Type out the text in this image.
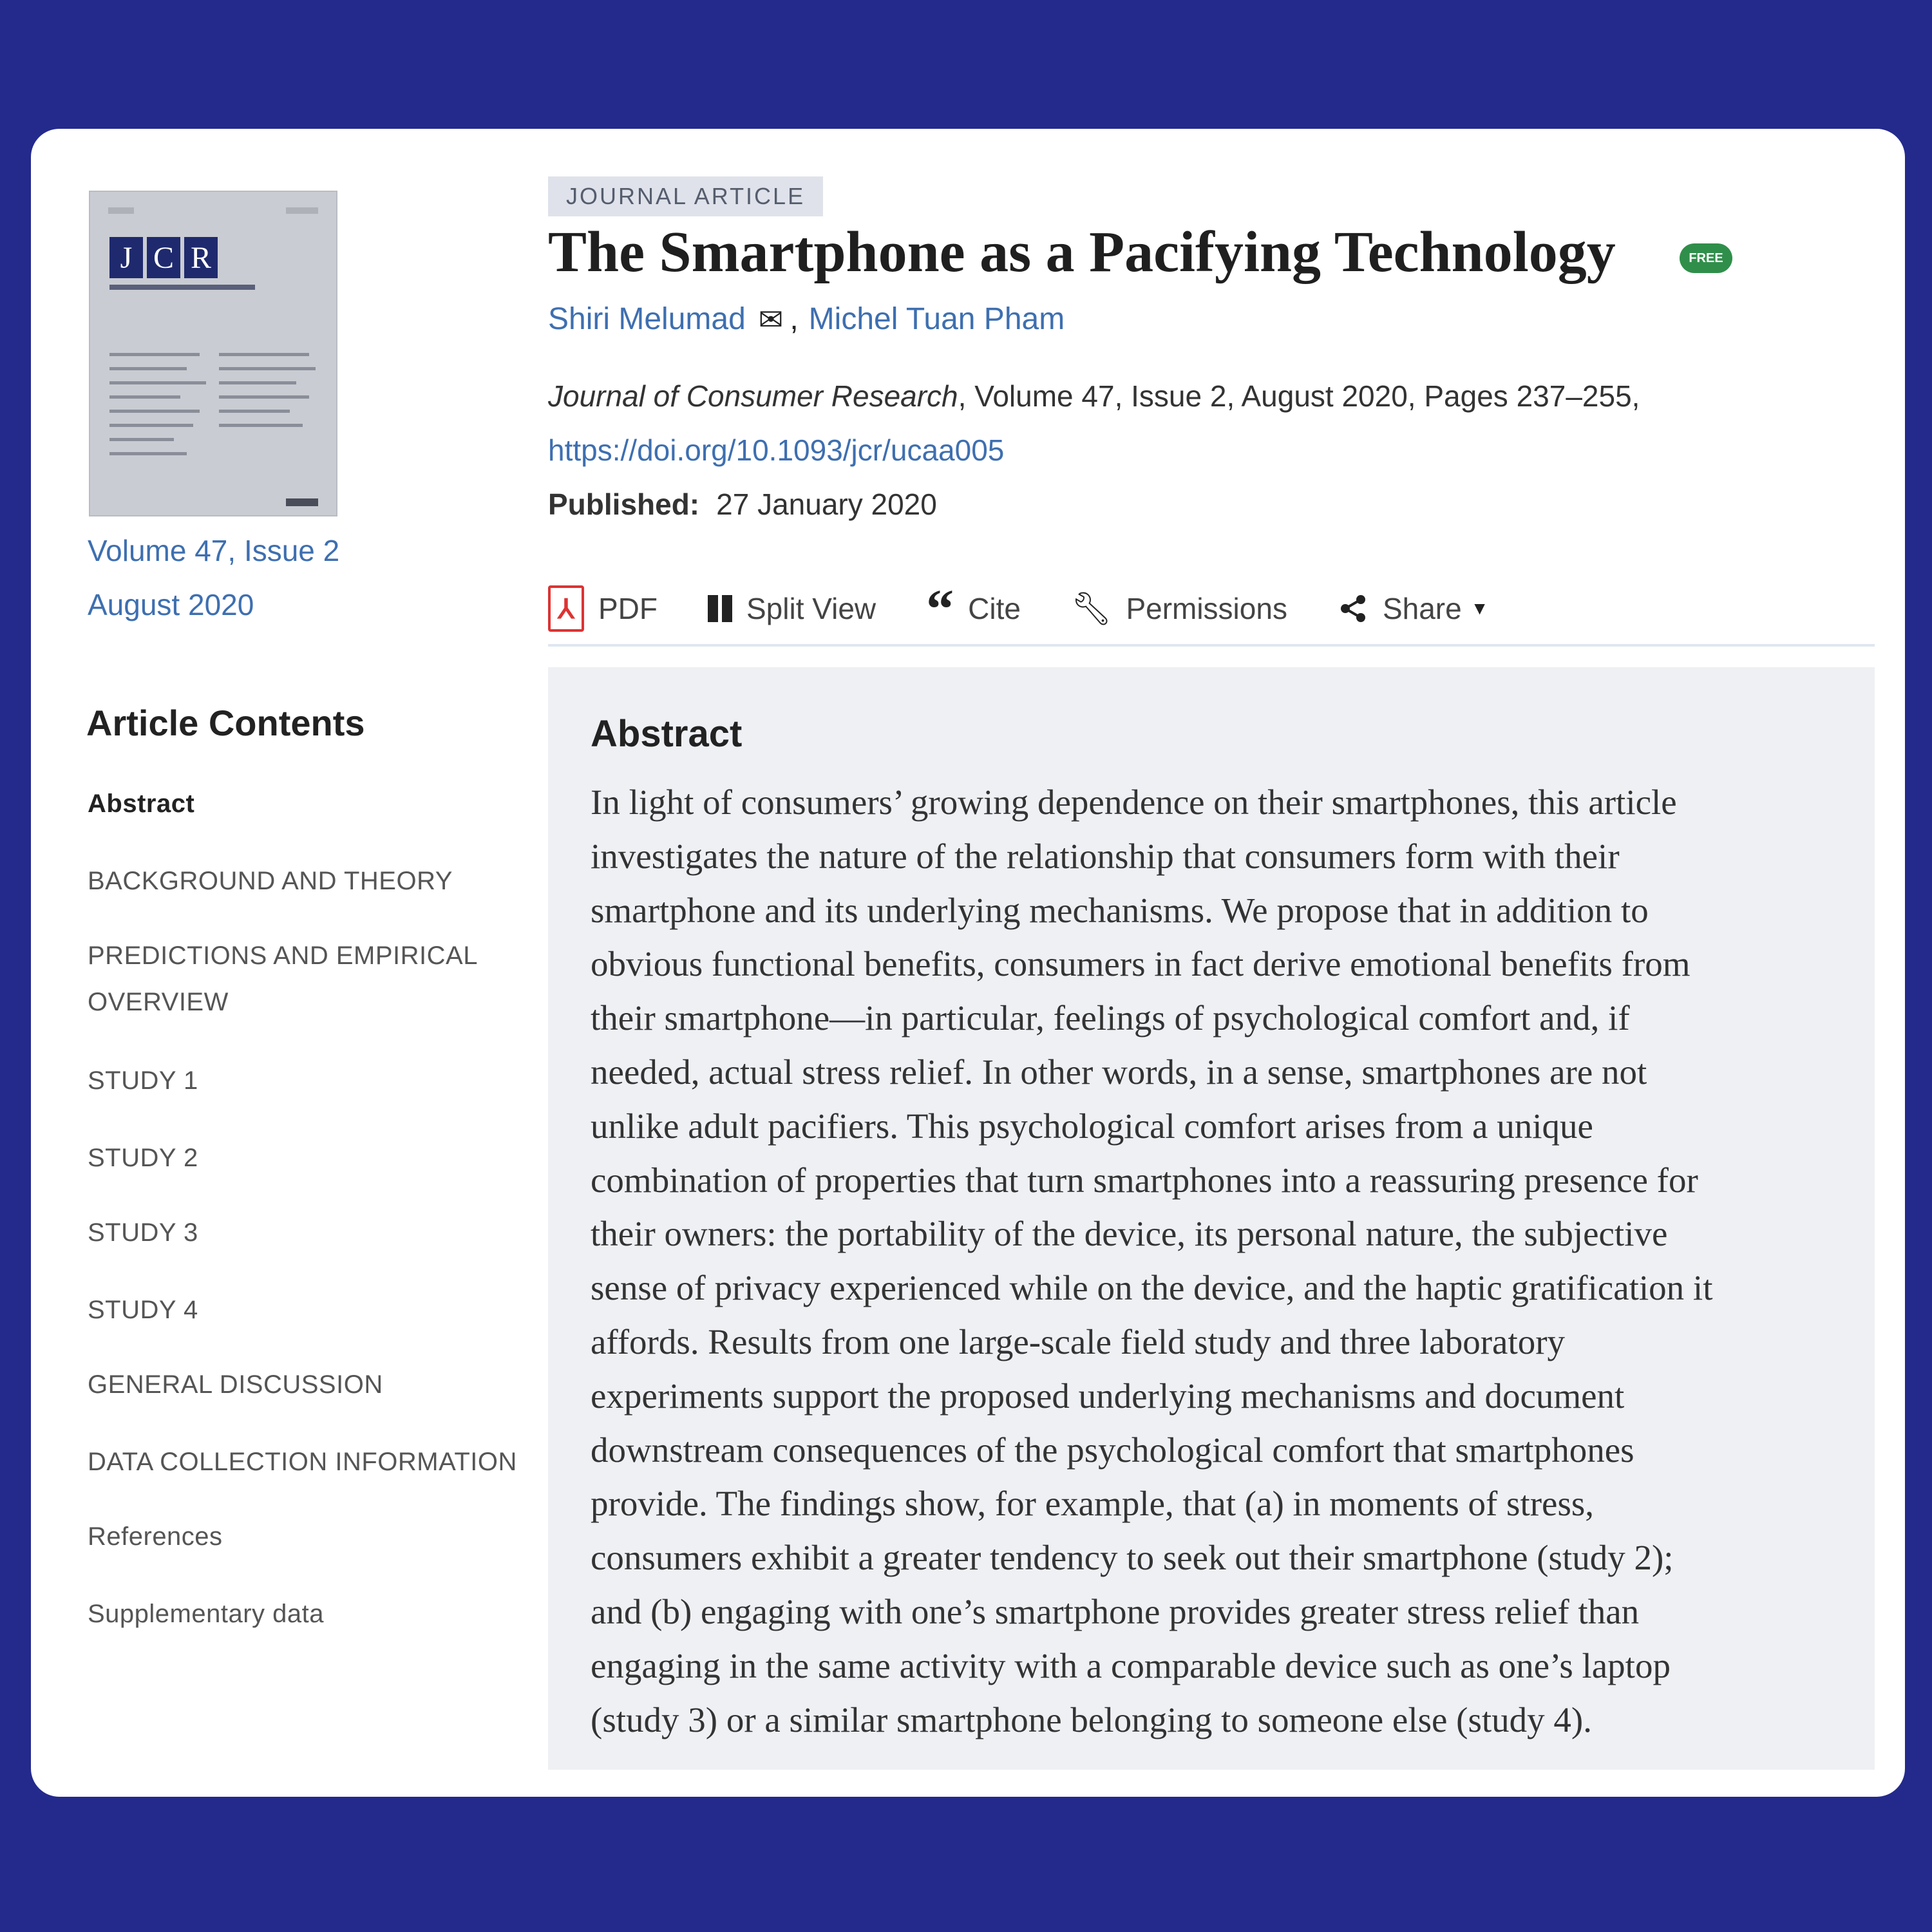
J C R
Volume 47, Issue 2
August 2020
Article Contents
Abstract
BACKGROUND AND THEORY
PREDICTIONS AND EMPIRICAL OVERVIEW
STUDY 1
STUDY 2
STUDY 3
STUDY 4
GENERAL DISCUSSION
DATA COLLECTION INFORMATION
References
Supplementary data
JOURNAL ARTICLE
The Smartphone as a Pacifying Technology	FREE
Shiri Melumad ✉ , Michel Tuan Pham
Journal of Consumer Research, Volume 47, Issue 2, August 2020, Pages 237–255,
https://doi.org/10.1093/jcr/ucaa005
Published: 27 January 2020
⅄ PDF	Split View “ Cite 🔧︎ Permissions	Share ▼
Abstract
In light of consumers’ growing dependence on their smartphones, this article
investigates the nature of the relationship that consumers form with their
smartphone and its underlying mechanisms. We propose that in addition to
obvious functional benefits, consumers in fact derive emotional benefits from
their smartphone—in particular, feelings of psychological comfort and, if
needed, actual stress relief. In other words, in a sense, smartphones are not
unlike adult pacifiers. This psychological comfort arises from a unique
combination of properties that turn smartphones into a reassuring presence for
their owners: the portability of the device, its personal nature, the subjective
sense of privacy experienced while on the device, and the haptic gratification it
affords. Results from one large-scale field study and three laboratory
experiments support the proposed underlying mechanisms and document
downstream consequences of the psychological comfort that smartphones
provide. The findings show, for example, that (a) in moments of stress,
consumers exhibit a greater tendency to seek out their smartphone (study 2);
and (b) engaging with one’s smartphone provides greater stress relief than
engaging in the same activity with a comparable device such as one’s laptop
(study 3) or a similar smartphone belonging to someone else (study 4).
